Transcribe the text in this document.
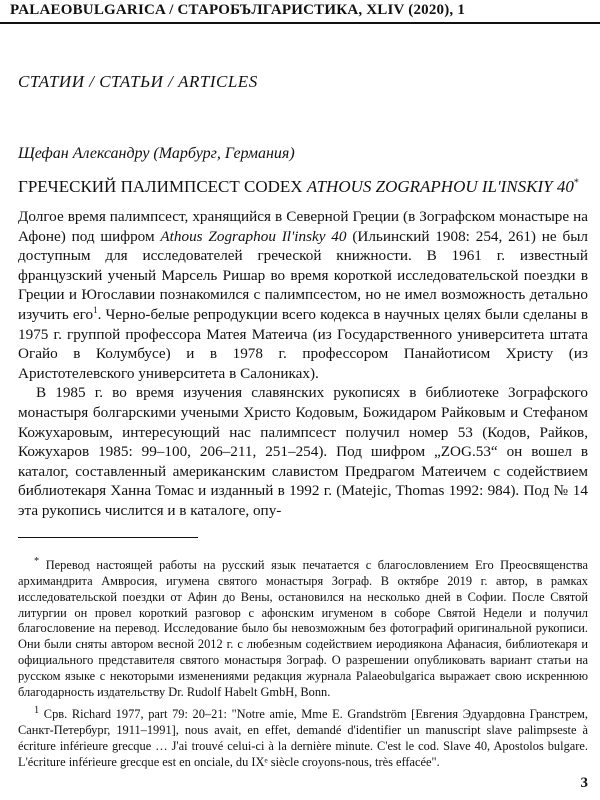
PALAEOBULGARICA / СТАРОБЪЛГАРИСТИКА, XLIV (2020), 1
СТАТИИ / СТАТЬИ / ARTICLES
Щефан Александру (Марбург, Германия)
ГРЕЧЕСКИЙ ПАЛИМПСЕСТ CODEX ATHOUS ZOGRAPHOU IL'INSKIY 40*

Долгое время палимпсест, хранящийся в Северной Греции (в Зографском монастыре на Афоне) под шифром Athous Zographou Il'insky 40 (Ильинский 1908: 254, 261) не был доступным для исследователей греческой книжности. В 1961 г. известный французский ученый Марсель Ришар во время короткой исследовательской поездки в Греции и Югославии познакомился с палимпсестом, но не имел возможность детально изучить его$^1$. Черно-белые репродукции всего кодекса в научных целях были сделаны в 1975 г. группой профессора Матея Матеича (из Государственного университета штата Огайо в Колумбусе) и в 1978 г. профессором Панайотисом Христу (из Аристотелевского университета в Салониках).

В 1985 г. во время изучения славянских рукописях в библиотеке Зографского монастыря болгарскими учеными Христо Кодовым, Божидаром Райковым и Стефаном Кожухаровым, интересующий нас палимпсест получил номер 53 (Кодов, Райков, Кожухаров 1985: 99–100, 206–211, 251–254). Под шифром „ZOG.53“ он вошел в каталог, составленный американским славистом Предрагом Матеичем с содействием библиотекаря Ханна Томас и изданный в 1992 г. (Matejic, Thomas 1992: 984). Под № 14 эта рукопись числится и в каталоге, опу-

* Перевод настоящей работы на русский язык печатается с благословлением Его Преосвященства архимандрита Амвросия, игумена святого монастыря Зограф. В октябре 2019 г. автор, в рамках исследовательской поездки от Афин до Вены, остановился на несколько дней в Софии. После Святой литургии он провел короткий разговор с афонским игуменом в соборе Святой Недели и получил благословение на перевод. Исследование было бы невозможным без фотографий оригинальной рукописи. Они были сняты автором весной 2012 г. с любезным содействием иеродиякона Афанасия, библиотекаря и официального представителя святого монастыря Зограф. О разрешении опубликовать вариант статьи на русском языке с некоторыми изменениями редакция журнала Palaeobulgarica выражает свою искреннюю благодарность издательству Dr. Rudolf Habelt GmbH, Bonn.

$^1$ Срв. Richard 1977, part 79: 20–21: "Notre amie, Mme E. Grandström [Евгения Эдуардовна Гранстрем, Санкт-Петербург, 1911–1991], nous avait, en effet, demandé d'identifier un manuscript slave palimpseste à écriture inférieure grecque … J'ai trouvé celui-ci à la dernière minute. C'est le cod. Slave 40, Apostolos bulgare. L'écriture inférieure grecque est en onciale, du IXᵉ siècle croyons-nous, très effacée".

3
